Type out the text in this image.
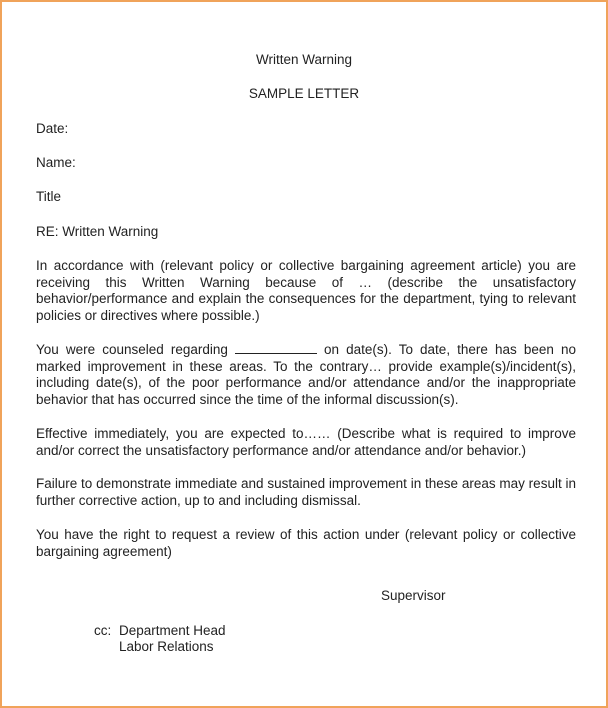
Written Warning
SAMPLE LETTER
Date:
Name:
Title
RE: Written Warning
In accordance with (relevant policy or collective bargaining agreement article) you are receiving this Written Warning because of … (describe the unsatisfactory behavior/performance and explain the consequences for the department, tying to relevant policies or directives where possible.)
You were counseled regarding	on date(s). To date, there has been no marked improvement in these areas. To the contrary… provide example(s)/incident(s), including date(s), of the poor performance and/or attendance and/or the inappropriate behavior that has occurred since the time of the informal discussion(s).
Effective immediately, you are expected to…… (Describe what is required to improve and/or correct the unsatisfactory performance and/or attendance and/or behavior.)
Failure to demonstrate immediate and sustained improvement in these areas may result in further corrective action, up to and including dismissal.
You have the right to request a review of this action under (relevant policy or collective bargaining agreement)
Supervisor
cc: Department Head
Labor Relations
